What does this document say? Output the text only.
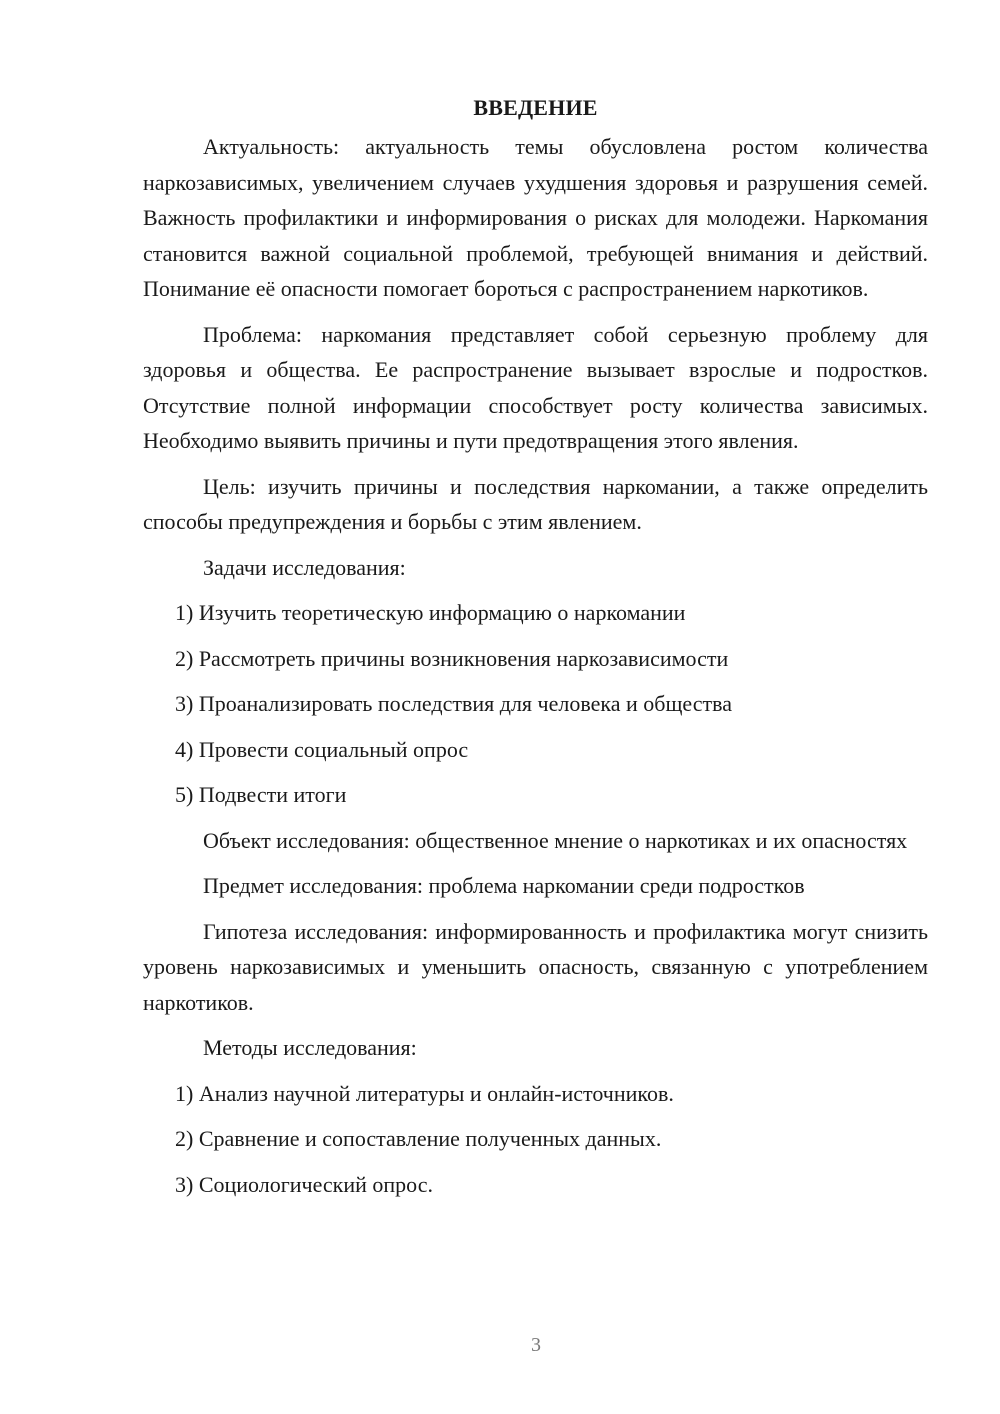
ВВЕДЕНИЕ

Актуальность: актуальность темы обусловлена ростом количества наркозависимых, увеличением случаев ухудшения здоровья и разрушения семей. Важность профилактики и информирования о рисках для молодежи. Наркомания становится важной социальной проблемой, требующей внимания и действий. Понимание её опасности помогает бороться с распространением наркотиков.

Проблема: наркомания представляет собой серьезную проблему для здоровья и общества. Ее распространение вызывает взрослые и подростков. Отсутствие полной информации способствует росту количества зависимых. Необходимо выявить причины и пути предотвращения этого явления.

Цель: изучить причины и последствия наркомании, а также определить способы предупреждения и борьбы с этим явлением.

Задачи исследования:

1) Изучить теоретическую информацию о наркомании

2) Рассмотреть причины возникновения наркозависимости

3) Проанализировать последствия для человека и общества

4) Провести социальный опрос

5) Подвести итоги

Объект исследования: общественное мнение о наркотиках и их опасностях

Предмет исследования: проблема наркомании среди подростков

Гипотеза исследования: информированность и профилактика могут снизить уровень наркозависимых и уменьшить опасность, связанную с употреблением наркотиков.

Методы исследования:

1) Анализ научной литературы и онлайн-источников.

2) Сравнение и сопоставление полученных данных.

3) Социологический опрос.

3
